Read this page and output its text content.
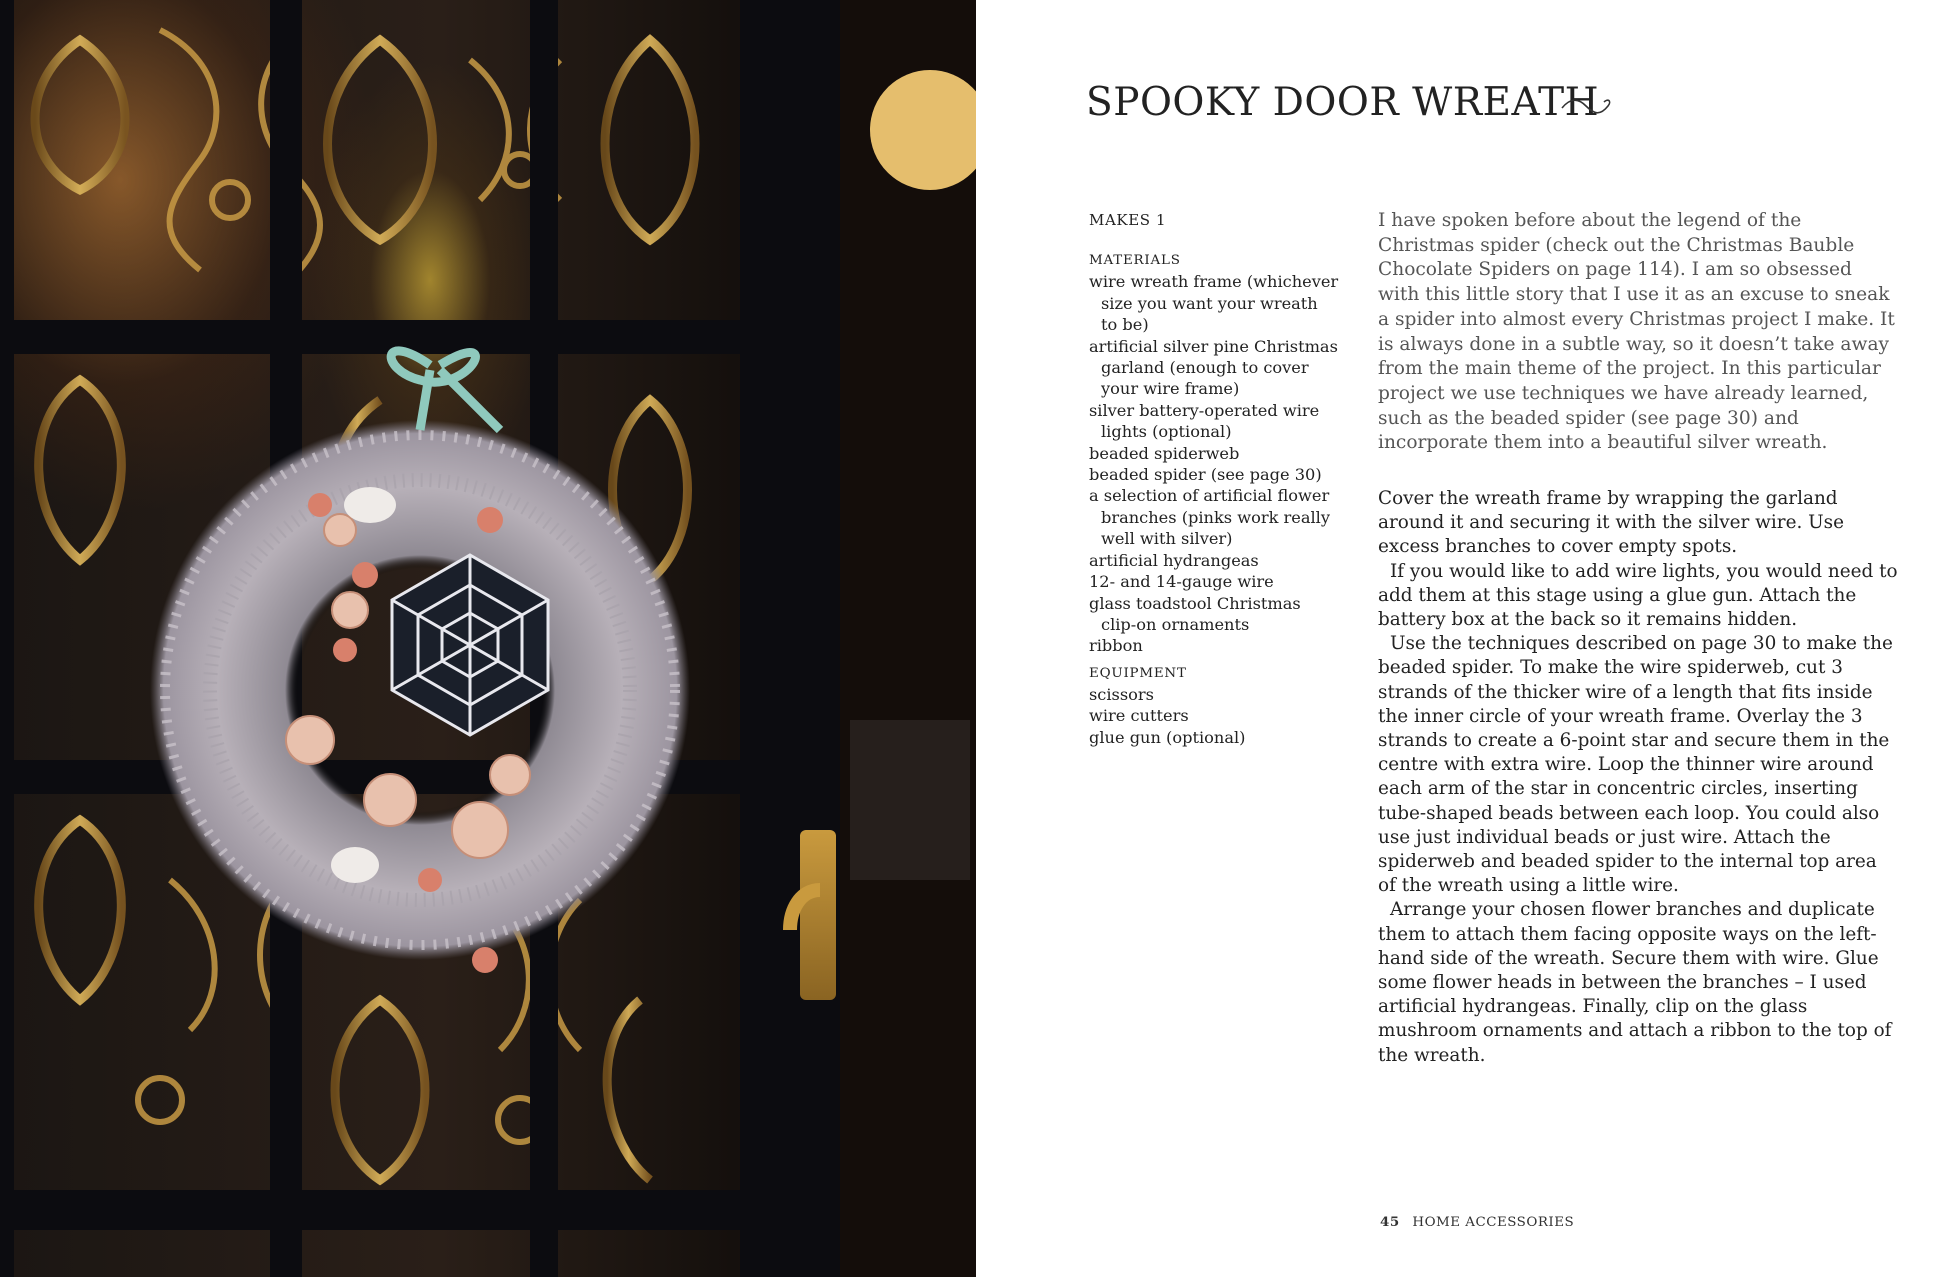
SPOOKY DOOR WREATH
MAKES 1
MATERIALS
wire wreath frame (whichever size you want your wreath to be)
artificial silver pine Christmas garland (enough to cover your wire frame)
silver battery-operated wire lights (optional)
beaded spiderweb
beaded spider (see page 30)
a selection of artificial flower branches (pinks work really well with silver)
artificial hydrangeas
12- and 14-gauge wire
glass toadstool Christmas clip-on ornaments
ribbon
EQUIPMENT
scissors
wire cutters
glue gun (optional)
I have spoken before about the legend of the Christmas spider (check out the Christmas Bauble Chocolate Spiders on page 114). I am so obsessed with this little story that I use it as an excuse to sneak a spider into almost every Christmas project I make. It is always done in a subtle way, so it doesn’t take away from the main theme of the project. In this particular project we use techniques we have already learned, such as the beaded spider (see page 30) and incorporate them into a beautiful silver wreath.

Cover the wreath frame by wrapping the garland around it and securing it with the silver wire. Use excess branches to cover empty spots.

If you would like to add wire lights, you would need to add them at this stage using a glue gun. Attach the battery box at the back so it remains hidden.

Use the techniques described on page 30 to make the beaded spider. To make the wire spiderweb, cut 3 strands of the thicker wire of a length that fits inside the inner circle of your wreath frame. Overlay the 3 strands to create a 6-point star and secure them in the centre with extra wire. Loop the thinner wire around each arm of the star in concentric circles, inserting tube-shaped beads between each loop. You could also use just individual beads or just wire. Attach the spiderweb and beaded spider to the internal top area of the wreath using a little wire.

Arrange your chosen flower branches and duplicate them to attach them facing opposite ways on the left-hand side of the wreath. Secure them with wire. Glue some flower heads in between the branches – I used artificial hydrangeas. Finally, clip on the glass mushroom ornaments and attach a ribbon to the top of the wreath.

45 HOME ACCESSORIES
